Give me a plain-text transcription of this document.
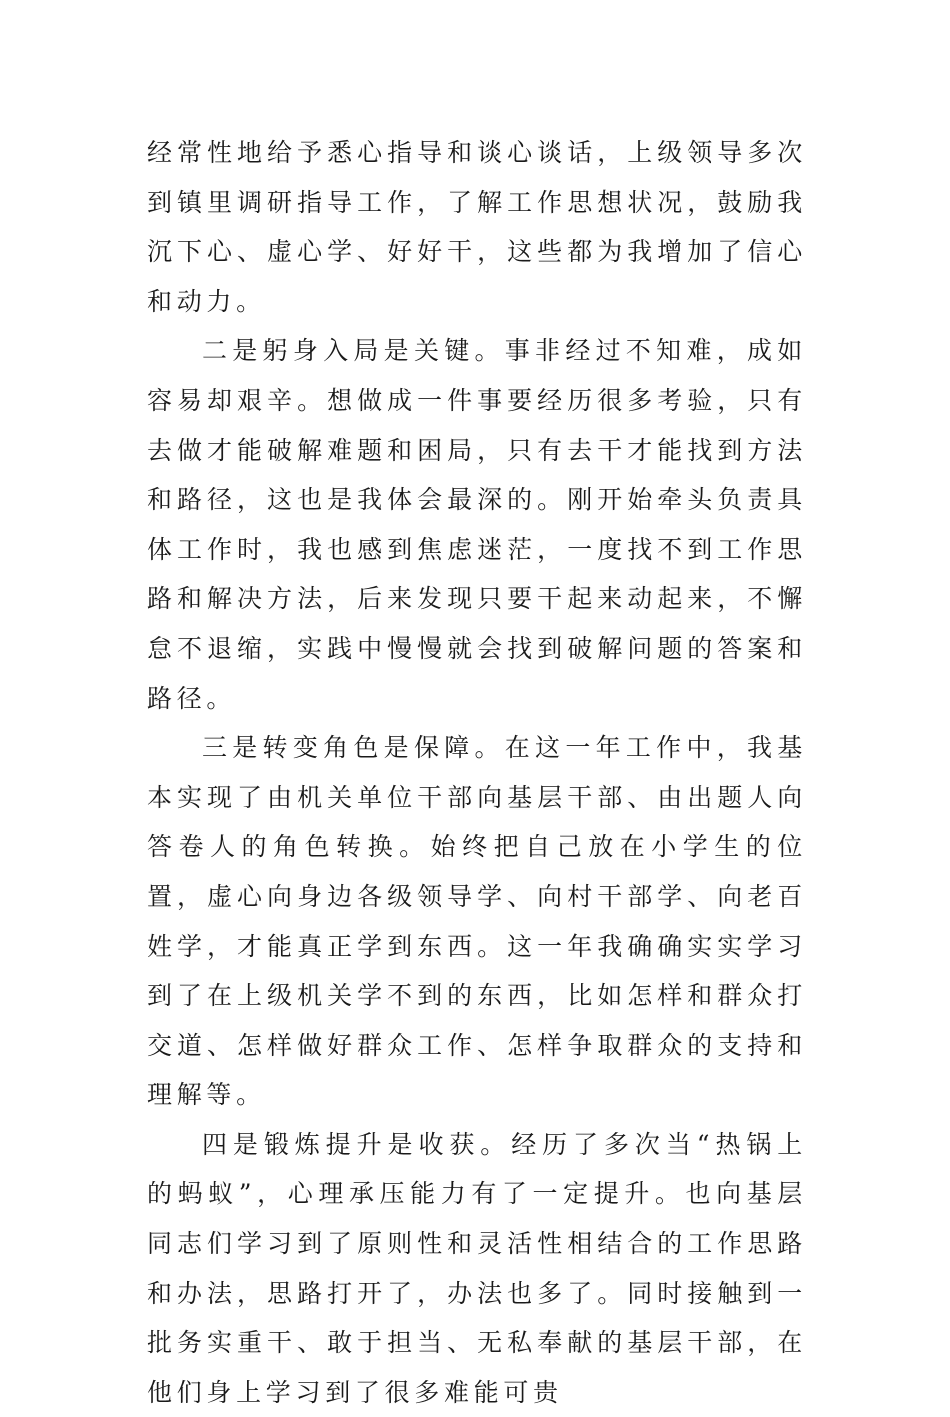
经常性地给予悉心指导和谈心谈话，上级领导多次到镇里调研指导工作，了解工作思想状况，鼓励我沉下心、虚心学、好好干，这些都为我增加了信心和动力。

二是躬身入局是关键。事非经过不知难，成如容易却艰辛。想做成一件事要经历很多考验，只有去做才能破解难题和困局，只有去干才能找到方法和路径，这也是我体会最深的。刚开始牵头负责具体工作时，我也感到焦虑迷茫，一度找不到工作思路和解决方法，后来发现只要干起来动起来，不懈怠不退缩，实践中慢慢就会找到破解问题的答案和路径。

三是转变角色是保障。在这一年工作中，我基本实现了由机关单位干部向基层干部、由出题人向答卷人的角色转换。始终把自己放在小学生的位置，虚心向身边各级领导学、向村干部学、向老百姓学，才能真正学到东西。这一年我确确实实学习到了在上级机关学不到的东西，比如怎样和群众打交道、怎样做好群众工作、怎样争取群众的支持和理解等。

四是锻炼提升是收获。经历了多次当“热锅上的蚂蚁”，心理承压能力有了一定提升。也向基层同志们学习到了原则性和灵活性相结合的工作思路和办法，思路打开了，办法也多了。同时接触到一批务实重干、敢于担当、无私奉献的基层干部，在他们身上学习到了很多难能可贵
